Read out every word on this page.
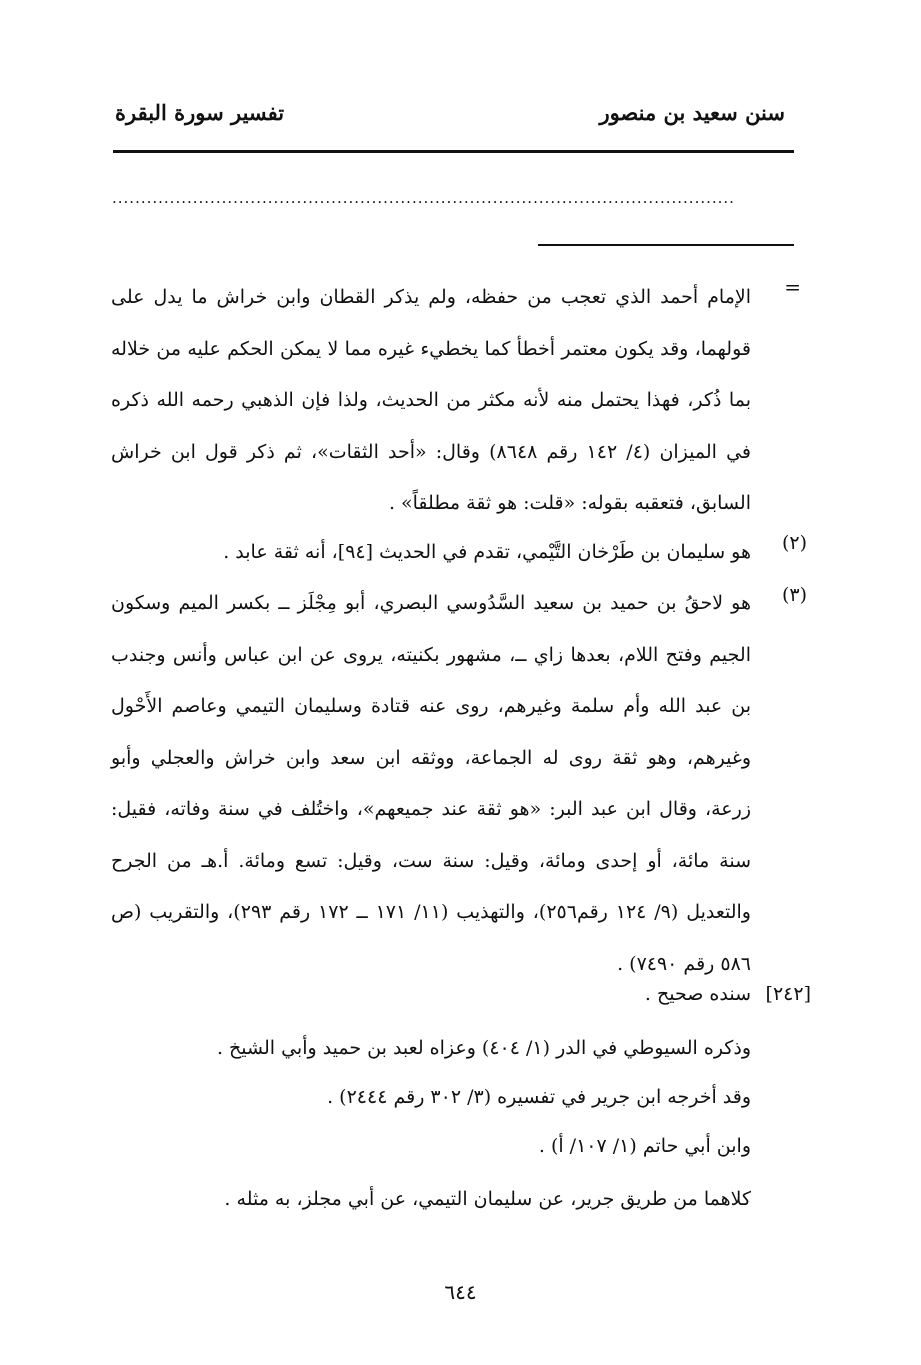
سنن سعيد بن منصور
تفسير سورة البقرة
............................................................................................................
=

الإمام أحمد الذي تعجب من حفظه، ولم يذكر القطان وابن خراش ما يدل على قولهما، وقد يكون معتمر أخطأ كما يخطيء غيره مما لا يمكن الحكم عليه من خلاله بما ذُكر، فهذا يحتمل منه لأنه مكثر من الحديث، ولذا فإن الذهبي رحمه الله ذكره في الميزان (٤/ ١٤٢ رقم ٨٦٤٨) وقال: «أحد الثقات»، ثم ذكر قول ابن خراش السابق، فتعقبه بقوله: «قلت: هو ثقة مطلقاً» .

(٢)

هو سليمان بن طَرْخان التَّيْمي، تقدم في الحديث [٩٤]، أنه ثقة عابد .

(٣)

هو لاحقُ بن حميد بن سعيد السَّدُوسي البصري، أبو مِجْلَز ــ بكسر الميم وسكون الجيم وفتح اللام، بعدها زاي ــ، مشهور بكنيته، يروى عن ابن عباس وأنس وجندب بن عبد الله وأم سلمة وغيرهم، روى عنه قتادة وسليمان التيمي وعاصم الأَحْول وغيرهم، وهو ثقة روى له الجماعة، ووثقه ابن سعد وابن خراش والعجلي وأبو زرعة، وقال ابن عبد البر: «هو ثقة عند جميعهم»، واختُلف في سنة وفاته، فقيل: سنة مائة، أو إحدى ومائة، وقيل: سنة ست، وقيل: تسع ومائة. أ.هـ من الجرح والتعديل (٩/ ١٢٤ رقم٢٥٦)، والتهذيب (١١/ ١٧١ ــ ١٧٢ رقم ٢٩٣)، والتقريب (ص ٥٨٦ رقم ٧٤٩٠) .

[٢٤٢]
سنده صحيح .
وذكره السيوطي في الدر (١/ ٤٠٤) وعزاه لعبد بن حميد وأبي الشيخ .
وقد أخرجه ابن جرير في تفسيره (٣/ ٣٠٢ رقم ٢٤٤٤) .
وابن أبي حاتم (١/ ١٠٧/ أ) .
كلاهما من طريق جرير، عن سليمان التيمي، عن أبي مجلز، به مثله .
٦٤٤
